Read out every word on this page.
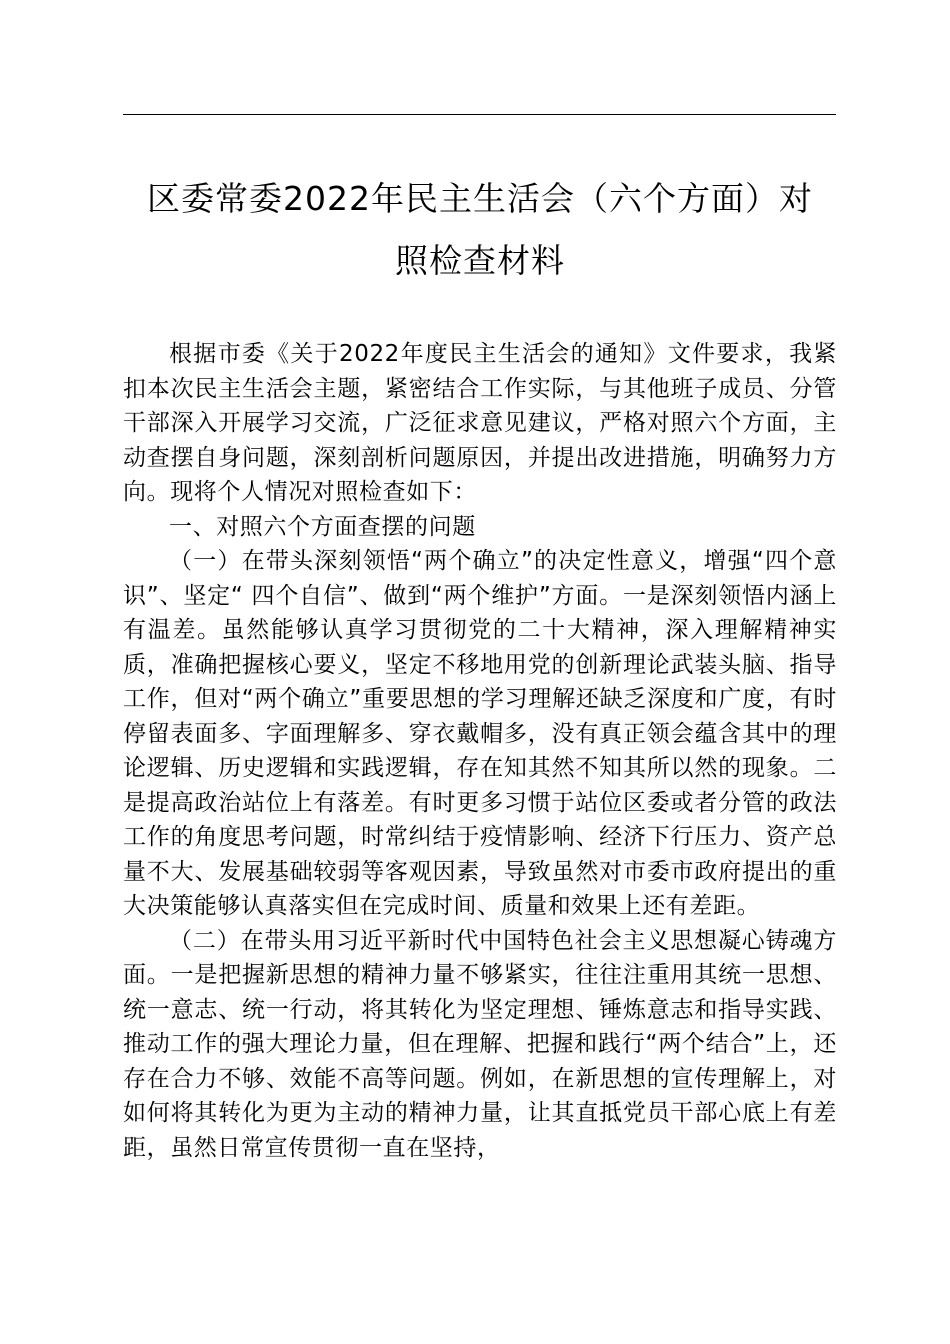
区委常委2022年民主生活会（六个方面）对
照检查材料

根据市委《关于2022年度民主生活会的通知》文件要求，我紧扣本次民主生活会主题，紧密结合工作实际，与其他班子成员、分管干部深入开展学习交流，广泛征求意见建议，严格对照六个方面，主动查摆自身问题，深刻剖析问题原因，并提出改进措施，明确努力方向。现将个人情况对照检查如下：

一、对照六个方面查摆的问题

（一）在带头深刻领悟“两个确立”的决定性意义，增强“四个意识”、坚定“ 四个自信”、做到“两个维护”方面。一是深刻领悟内涵上有温差。虽然能够认真学习贯彻党的二十大精神，深入理解精神实质，准确把握核心要义，坚定不移地用党的创新理论武装头脑、指导工作，但对“两个确立”重要思想的学习理解还缺乏深度和广度，有时停留表面多、字面理解多、穿衣戴帽多，没有真正领会蕴含其中的理论逻辑、历史逻辑和实践逻辑，存在知其然不知其所以然的现象。二是提高政治站位上有落差。有时更多习惯于站位区委或者分管的政法工作的角度思考问题，时常纠结于疫情影响、经济下行压力、资产总量不大、发展基础较弱等客观因素，导致虽然对市委市政府提出的重大决策能够认真落实但在完成时间、质量和效果上还有差距。

（二）在带头用习近平新时代中国特色社会主义思想凝心铸魂方面。一是把握新思想的精神力量不够紧实，往往注重用其统一思想、统一意志、统一行动，将其转化为坚定理想、锤炼意志和指导实践、推动工作的强大理论力量，但在理解、把握和践行“两个结合”上，还存在合力不够、效能不高等问题。例如，在新思想的宣传理解上，对如何将其转化为更为主动的精神力量，让其直抵党员干部心底上有差距，虽然日常宣传贯彻一直在坚持，
